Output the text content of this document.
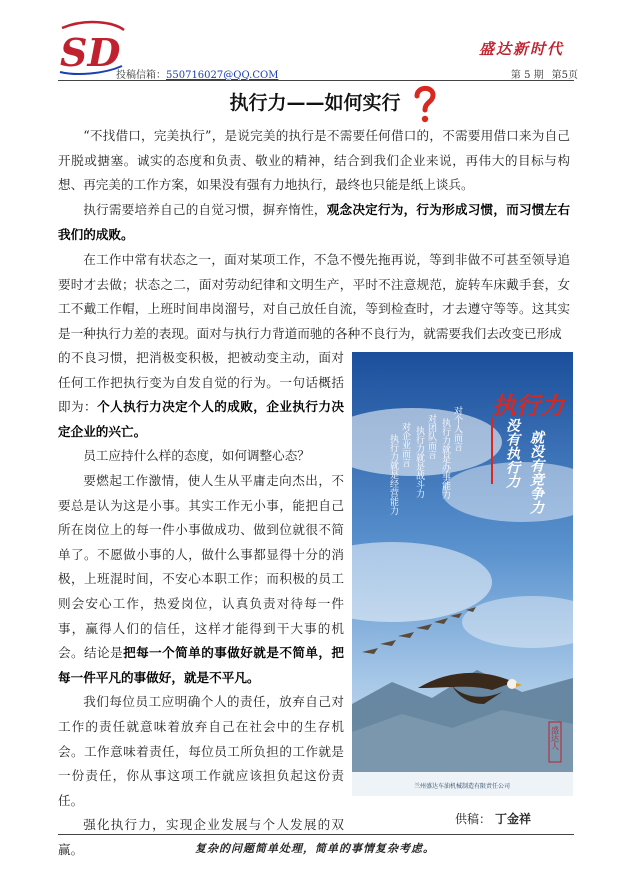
SD
投稿信箱：550716027@QQ.COM
盛达新时代
第 5 期 第5页
执行力——如何实行

“不找借口，完美执行”，是说完美的执行是不需要任何借口的，不需要用借口来为自己开脱或搪塞。诚实的态度和负责、敬业的精神，结合到我们企业来说，再伟大的目标与构想、再完美的工作方案，如果没有强有力地执行，最终也只能是纸上谈兵。

执行需要培养自己的自觉习惯，摒弃惰性，观念决定行为，行为形成习惯，而习惯左右我们的成败。

在工作中常有状态之一，面对某项工作，不急不慢先拖再说，等到非做不可甚至领导追要时才去做；状态之二，面对劳动纪律和文明生产，平时不注意规范，旋转车床戴手套，女工不戴工作帽，上班时间串岗溜号，对自己放任自流，等到检查时，才去遵守等等。这其实是一种执行力差的表现。面对与执行力背道而驰的各种不良行为，就需要我们去改变已形成

的不良习惯，把消极变积极，把被动变主动，面对任何工作把执行变为自发自觉的行为。一句话概括即为：个人执行力决定个人的成败，企业执行力决定企业的兴亡。

员工应持什么样的态度，如何调整心态？

要燃起工作激情，使人生从平庸走向杰出，不要总是认为这是小事。其实工作无小事，能把自己所在岗位上的每一件小事做成功、做到位就很不简单了。不愿做小事的人，做什么事都显得十分的消极，上班混时间，不安心本职工作；而积极的员工则会安心工作，热爱岗位，认真负责对待每一件事，赢得人们的信任，这样才能得到干大事的机会。结论是把每一个简单的事做好就是不简单，把每一件平凡的事做好，就是不平凡。

我们每位员工应明确个人的责任，放弃自己对工作的责任就意味着放弃自己在社会中的生存机会。工作意味着责任，每位员工所负担的工作就是一份责任，你从事这项工作就应该担负起这份责任。

强化执行力，实现企业发展与个人发展的双赢。

执行力
没有执行力 就没有竞争力
对个人而言
执行力就是办事能力
对团队而言
执行力就是战斗力
对企业而言
执行力就是经营能力
盛达人
兰州盛达车油机械制造有限责任公司
供稿： 丁金祥
复杂的问题简单处理，简单的事情复杂考虑。
